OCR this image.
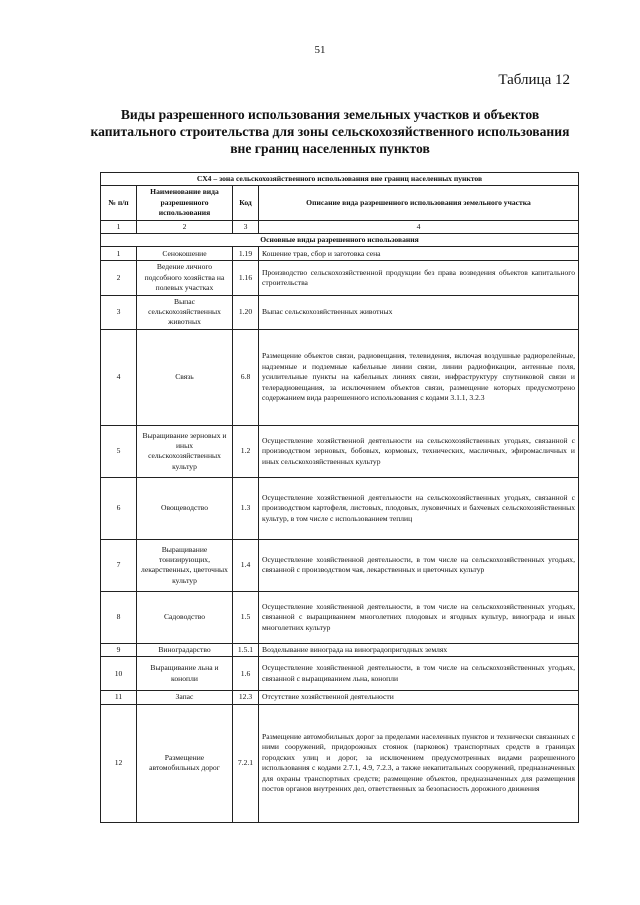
51
Таблица 12
Виды разрешенного использования земельных участков и объектов капитального строительства для зоны сельскохозяйственного использования вне границ населенных пунктов
СХ4 – зона сельскохозяйственного использования вне границ населенных пунктов			
№ п/п	Наименование вида разрешенного использования	Код	Описание вида разрешенного использования земельного участка
1	2	3	4
Основные виды разрешенного использования			
1	Сенокошение	1.19	Кошение трав, сбор и заготовка сена
2	Ведение личного подсобного хозяйства на полевых участках	1.16	Производство сельскохозяйственной продукции без права возведения объектов капитального строительства
3	Выпас сельскохозяйственных животных	1.20	Выпас сельскохозяйственных животных
4	Связь	6.8	Размещение объектов связи, радиовещания, телевидения, включая воздушные радиорелейные, надземные и подземные кабельные линии связи, линии радиофикации, антенные поля, усилительные пункты на кабельных линиях связи, инфраструктуру спутниковой связи и телерадиовещания, за исключением объектов связи, размещение которых предусмотрено содержанием вида разрешенного использования с кодами 3.1.1, 3.2.3
5	Выращивание зерновых и иных сельскохозяйственных культур	1.2	Осуществление хозяйственной деятельности на сельскохозяйственных угодьях, связанной с производством зерновых, бобовых, кормовых, технических, масличных, эфиромасличных и иных сельскохозяйственных культур
6	Овощеводство	1.3	Осуществление хозяйственной деятельности на сельскохозяйственных угодьях, связанной с производством картофеля, листовых, плодовых, луковичных и бахчевых сельскохозяйственных культур, в том числе с использованием теплиц
7	Выращивание тонизирующих, лекарственных, цветочных культур	1.4	Осуществление хозяйственной деятельности, в том числе на сельскохозяйственных угодьях, связанной с производством чая, лекарственных и цветочных культур
8	Садоводство	1.5	Осуществление хозяйственной деятельности, в том числе на сельскохозяйственных угодьях, связанной с выращиванием многолетних плодовых и ягодных культур, винограда и иных многолетних культур
9	Виноградарство	1.5.1	Возделывание винограда на виноградопригодных землях
10	Выращивание льна и конопли	1.6	Осуществление хозяйственной деятельности, в том числе на сельскохозяйственных угодьях, связанной с выращиванием льна, конопли
11	Запас	12.3	Отсутствие хозяйственной деятельности
12	Размещение автомобильных дорог	7.2.1	Размещение автомобильных дорог за пределами населенных пунктов и технически связанных с ними сооружений, придорожных стоянок (парковок) транспортных средств в границах городских улиц и дорог, за исключением предусмотренных видами разрешенного использования с кодами 2.7.1, 4.9, 7.2.3, а также некапитальных сооружений, предназначенных для охраны транспортных средств; размещение объектов, предназначенных для размещения постов органов внутренних дел, ответственных за безопасность дорожного движения
